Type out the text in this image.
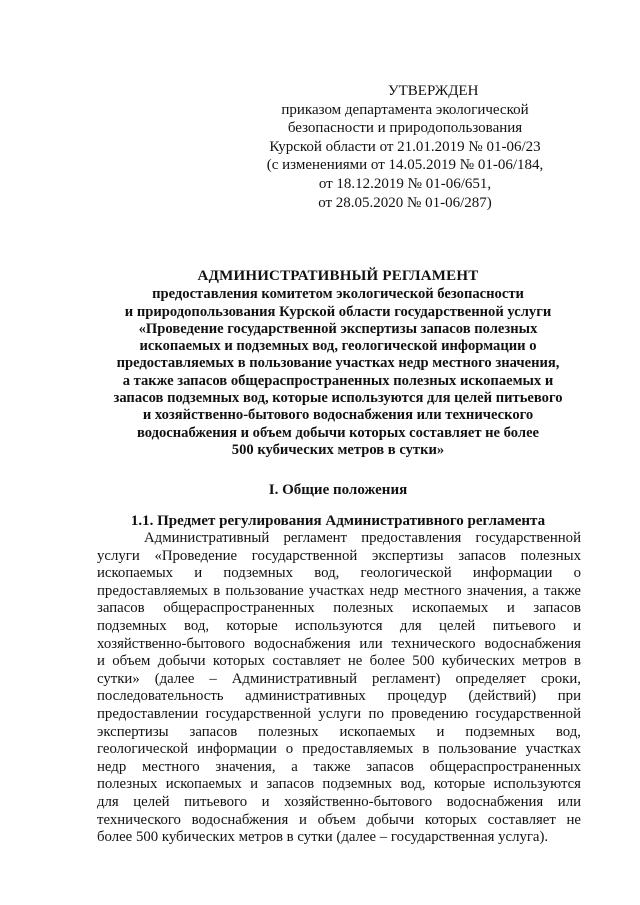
УТВЕРЖДЕН
приказом департамента экологической
безопасности и природопользования
Курской области от 21.01.2019 № 01-06/23
(с изменениями от 14.05.2019 № 01-06/184,
от 18.12.2019 № 01-06/651,
от 28.05.2020 № 01-06/287)
АДМИНИСТРАТИВНЫЙ РЕГЛАМЕНТ
предоставления комитетом экологической безопасности
и природопользования Курской области государственной услуги
«Проведение государственной экспертизы запасов полезных
ископаемых и подземных вод, геологической информации о
предоставляемых в пользование участках недр местного значения,
а также запасов общераспространенных полезных ископаемых и
запасов подземных вод, которые используются для целей питьевого
и хозяйственно-бытового водоснабжения или технического
водоснабжения и объем добычи которых составляет не более
500 кубических метров в сутки»
I. Общие положения
1.1. Предмет регулирования Административного регламента
Административный регламент предоставления государственной
услуги «Проведение государственной экспертизы запасов полезных
ископаемых и подземных вод, геологической информации о
предоставляемых в пользование участках недр местного значения, а также
запасов общераспространенных полезных ископаемых и запасов
подземных вод, которые используются для целей питьевого и
хозяйственно-бытового водоснабжения или технического водоснабжения
и объем добычи которых составляет не более 500 кубических метров в
сутки» (далее – Административный регламент) определяет сроки,
последовательность административных процедур (действий) при
предоставлении государственной услуги по проведению государственной
экспертизы запасов полезных ископаемых и подземных вод,
геологической информации о предоставляемых в пользование участках
недр местного значения, а также запасов общераспространенных
полезных ископаемых и запасов подземных вод, которые используются
для целей питьевого и хозяйственно-бытового водоснабжения или
технического водоснабжения и объем добычи которых составляет не
более 500 кубических метров в сутки (далее – государственная услуга).
